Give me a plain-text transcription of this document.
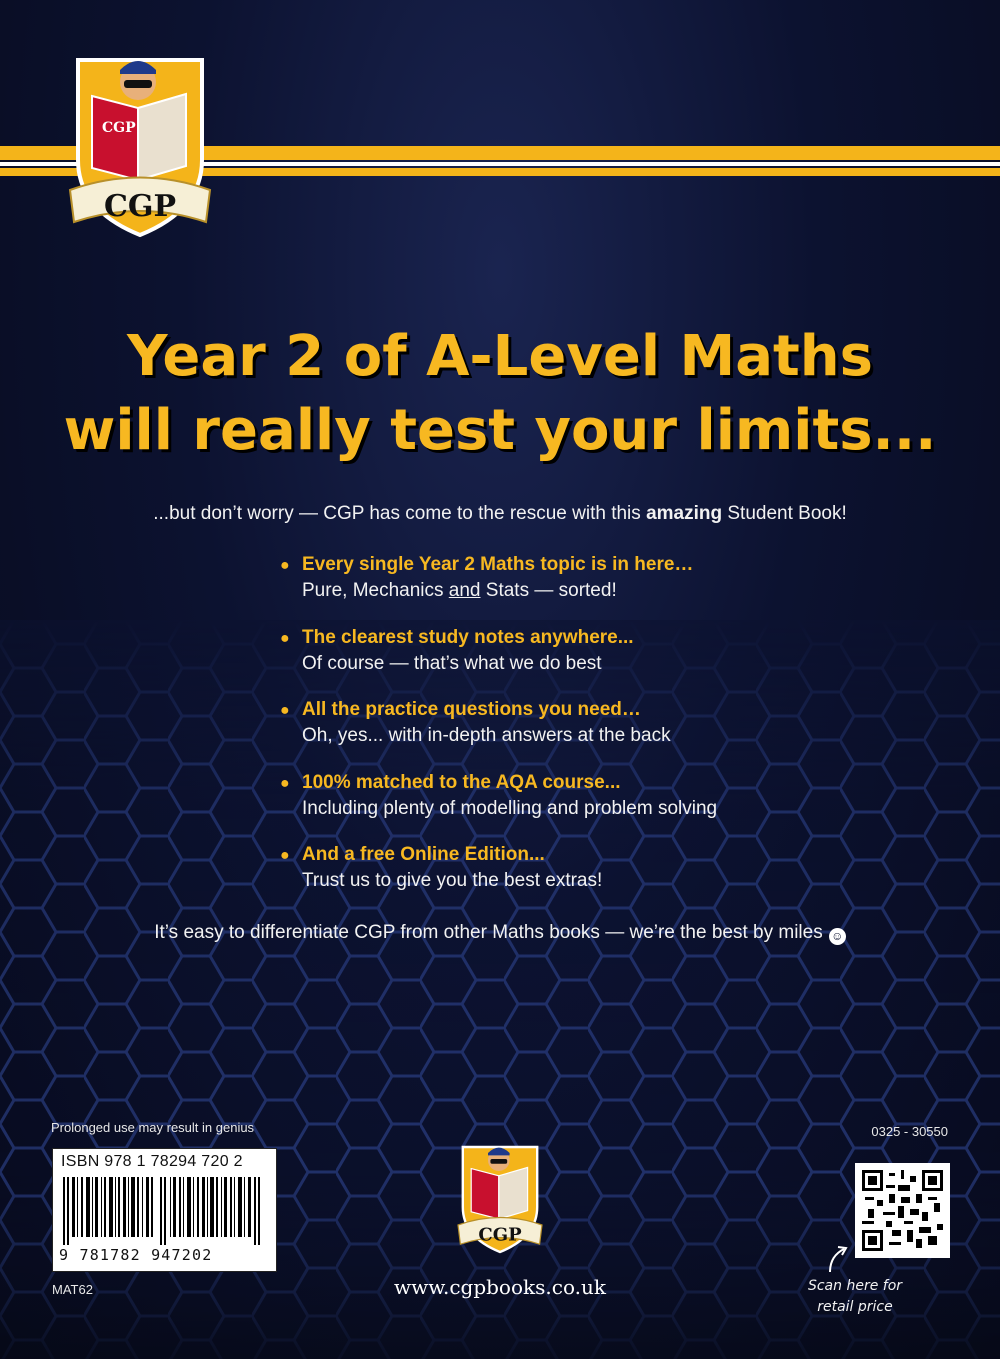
CGP
CGP
Year 2 of A-Level Maths
will really test your limits...
...but don’t worry — CGP has come to the rescue with this amazing Student Book!
● Every single Year 2 Maths topic is in here…
Pure, Mechanics and Stats — sorted!
● The clearest study notes anywhere...
Of course — that’s what we do best
● All the practice questions you need…
Oh, yes... with in-depth answers at the back
● 100% matched to the AQA course...
Including plenty of modelling and problem solving
● And a free Online Edition...
Trust us to give you the best extras!
It’s easy to differentiate CGP from other Maths books — we’re the best by miles ☺
Prolonged use may result in genius	0325 - 30550
ISBN 978 1 78294 720 2
9 781782 947202
MAT62
CGP
www.cgpbooks.co.uk	Scan here for
retail price
